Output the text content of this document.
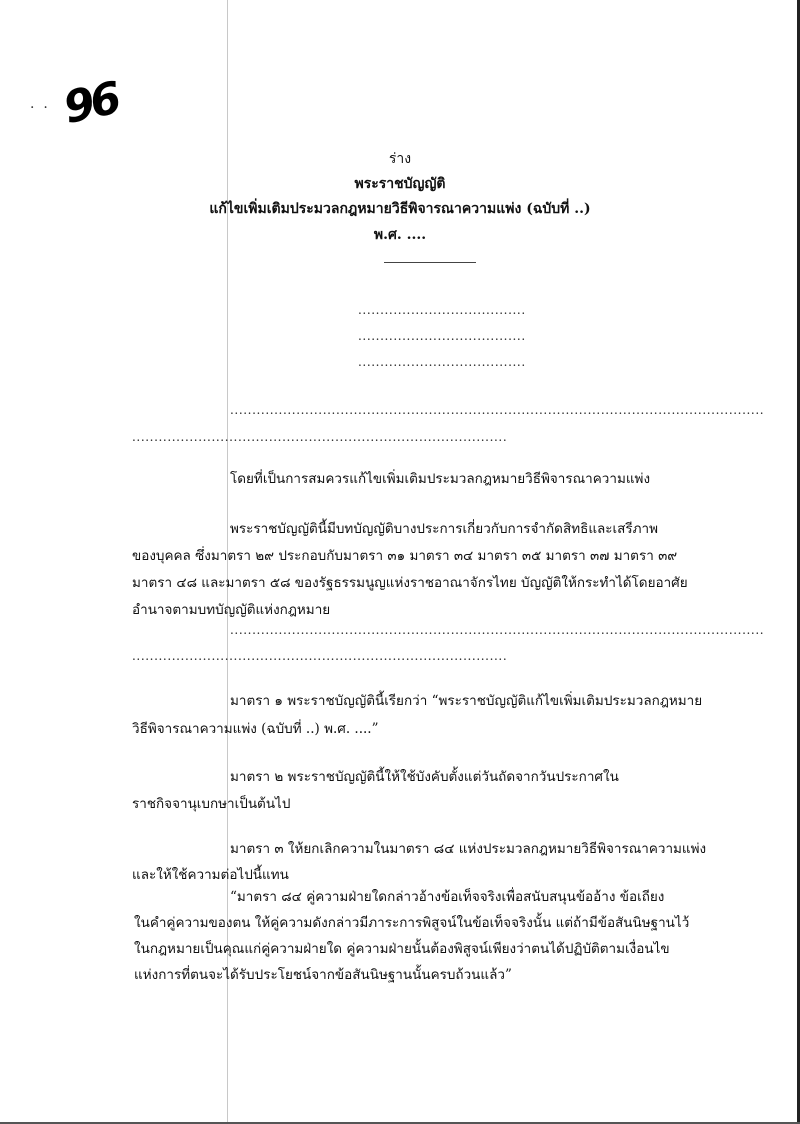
·  · 96
ร่าง
พระราชบัญญัติ
แก้ไขเพิ่มเติมประมวลกฎหมายวิธีพิจารณาความแพ่ง (ฉบับที่ ..)
พ.ศ. ....
......................................
......................................
......................................
.........................................................................................................................
.....................................................................................
โดยที่เป็นการสมควรแก้ไขเพิ่มเติมประมวลกฎหมายวิธีพิจารณาความแพ่ง
พระราชบัญญัตินี้มีบทบัญญัติบางประการเกี่ยวกับการจำกัดสิทธิและเสรีภาพ
ของบุคคล ซึ่งมาตรา ๒๙ ประกอบกับมาตรา ๓๑ มาตรา ๓๔ มาตรา ๓๕ มาตรา ๓๗ มาตรา ๓๙
มาตรา ๔๘ และมาตรา ๕๘ ของรัฐธรรมนูญแห่งราชอาณาจักรไทย บัญญัติให้กระทำได้โดยอาศัย
อำนาจตามบทบัญญัติแห่งกฎหมาย
.........................................................................................................................
.....................................................................................
มาตรา ๑ พระราชบัญญัตินี้เรียกว่า “พระราชบัญญัติแก้ไขเพิ่มเติมประมวลกฎหมาย
วิธีพิจารณาความแพ่ง (ฉบับที่ ..) พ.ศ. ....”
มาตรา ๒ พระราชบัญญัตินี้ให้ใช้บังคับตั้งแต่วันถัดจากวันประกาศใน
ราชกิจจานุเบกษาเป็นต้นไป
มาตรา ๓ ให้ยกเลิกความในมาตรา ๘๔ แห่งประมวลกฎหมายวิธีพิจารณาความแพ่ง
และให้ใช้ความต่อไปนี้แทน
“มาตรา ๘๔ คู่ความฝ่ายใดกล่าวอ้างข้อเท็จจริงเพื่อสนับสนุนข้ออ้าง ข้อเถียง
ในคำคู่ความของตน ให้คู่ความดังกล่าวมีภาระการพิสูจน์ในข้อเท็จจริงนั้น แต่ถ้ามีข้อสันนิษฐานไว้
ในกฎหมายเป็นคุณแก่คู่ความฝ่ายใด คู่ความฝ่ายนั้นต้องพิสูจน์เพียงว่าตนได้ปฏิบัติตามเงื่อนไข
แห่งการที่ตนจะได้รับประโยชน์จากข้อสันนิษฐานนั้นครบถ้วนแล้ว”
